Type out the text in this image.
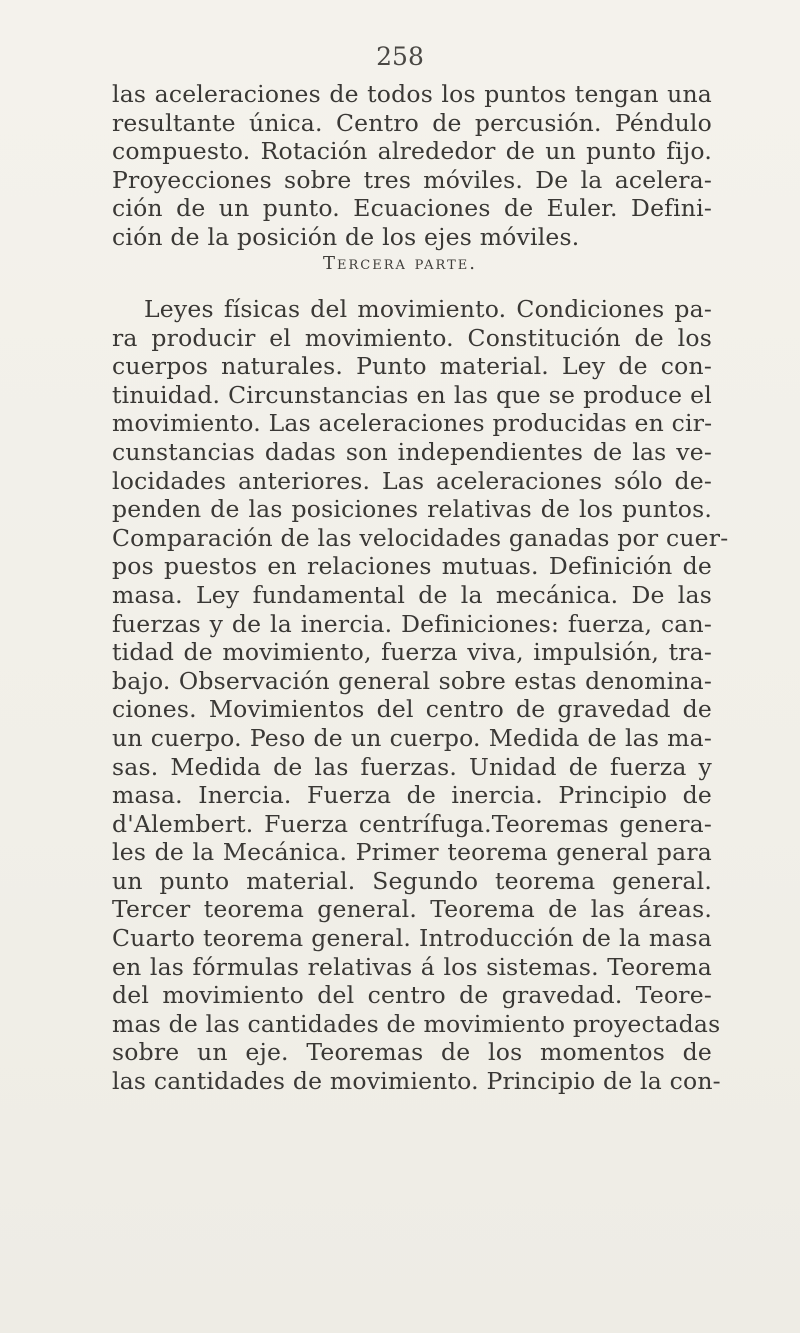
258
las aceleraciones de todos los puntos tengan una
resultante única. Centro de percusión. Péndulo
compuesto. Rotación alrededor de un punto fijo.
Proyecciones sobre tres móviles. De la acelera-
ción de un punto. Ecuaciones de Euler. Defini-
ción de la posición de los ejes móviles.
Tercera parte.
Leyes físicas del movimiento. Condiciones pa-
ra producir el movimiento. Constitución de los
cuerpos naturales. Punto material. Ley de con-
tinuidad. Circunstancias en las que se produce el
movimiento. Las aceleraciones producidas en cir-
cunstancias dadas son independientes de las ve-
locidades anteriores. Las aceleraciones sólo de-
penden de las posiciones relativas de los puntos.
Comparación de las velocidades ganadas por cuer-
pos puestos en relaciones mutuas. Definición de
masa. Ley fundamental de la mecánica. De las
fuerzas y de la inercia. Definiciones: fuerza, can-
tidad de movimiento, fuerza viva, impulsión, tra-
bajo. Observación general sobre estas denomina-
ciones. Movimientos del centro de gravedad de
un cuerpo. Peso de un cuerpo. Medida de las ma-
sas. Medida de las fuerzas. Unidad de fuerza y
masa. Inercia. Fuerza de inercia. Principio de
d'Alembert. Fuerza centrífuga.Teoremas genera-
les de la Mecánica. Primer teorema general para
un punto material. Segundo teorema general.
Tercer teorema general. Teorema de las áreas.
Cuarto teorema general. Introducción de la masa
en las fórmulas relativas á los sistemas. Teorema
del movimiento del centro de gravedad. Teore-
mas de las cantidades de movimiento proyectadas
sobre un eje. Teoremas de los momentos de
las cantidades de movimiento. Principio de la con-
